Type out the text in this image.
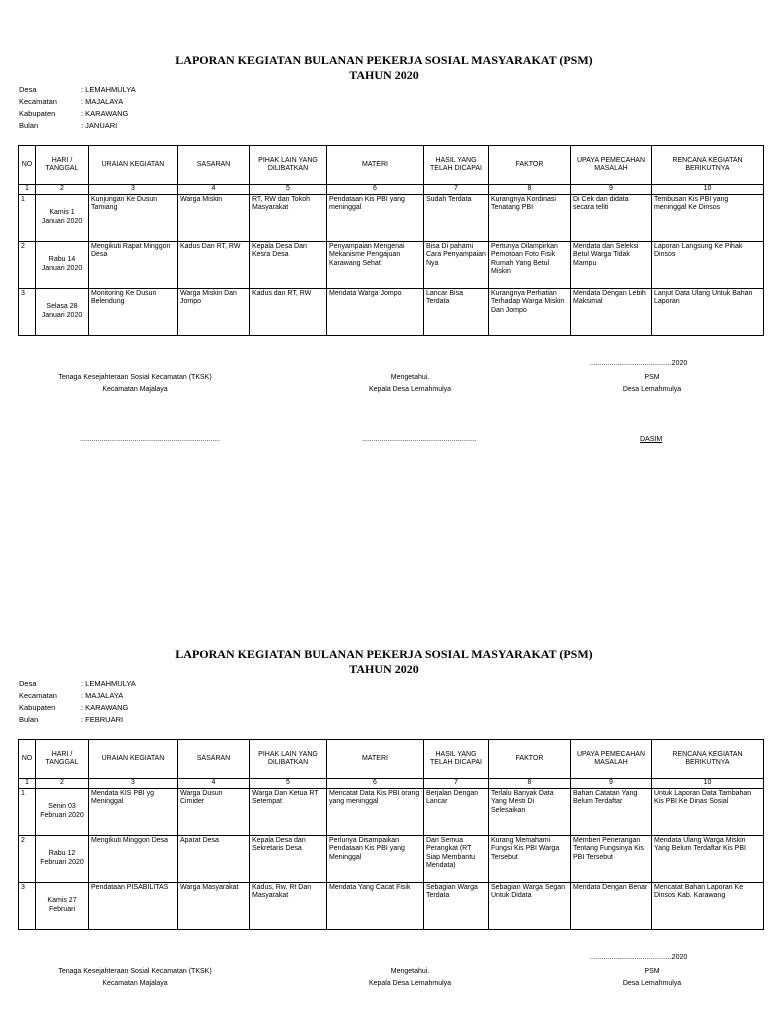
LAPORAN KEGIATAN BULANAN PEKERJA SOSIAL MASYARAKAT (PSM)
TAHUN 2020
Desa	: LEMAHMULYA
Kecamatan	: MAJALAYA
Kabupaten	: KARAWANG
Bulan	: JANUARI
NO	HARI / TANGGAL	URAIAN KEGIATAN	SASARAN	PIHAK LAIN YANG DILIBATKAN	MATERI	HASIL YANG TELAH DICAPAI	FAKTOR	UPAYA PEMECAHAN MASALAH	RENCANA KEGIATAN BERIKUTNYA
1	2	3	4	5	6	7	8	9	10
1	Kamis 1 Januari 2020	Kunjungan Ke Dusun Tamiang	Warga Miskin	RT, RW dan Tokoh Masyarakat	Pendataan Kis PBI yang meninggal	Sudah Terdata	Kurangnya Kordinasi Tenatang PBI	Di Cek dan didata secara teliti	Tembusan Kis PBI yang meninggal Ke Dinsos
2	Rabu 14 Januari 2020	Mengikuti Rapat Minggon Desa	Kadus Dan RT, RW	Kepala Desa Dan Kesra Desa	Penyampaian Mengenai Mekanisme Pengajuan Karawang Sehat	Bisa Di pahami Cara Penyampaian Nya	Pertunya Dilampirkan Pemotoan Foto Fisik Rumah Yang Betul Miskin	Mendata dan Seleksi Betul Warga Tidak Mampu	Laporan Langsung Ke Pihak Dinsos
3	Selasa 28 Januari 2020	Monitoring Ke Dusun Belendung	Warga Miskin Dan Jompo	Kadus dan RT, RW	Mendata Warga Jompo	Lancar Bisa Terdata	Kurangnya Perhatian Terhadap Warga Miskin Dan Jompo	Mendata Dengan Lebih Maksimal	Lanjut Data Ulang Untuk Bahan Laporan
..........................................2020
Tenaga Kesejahteraan Sosial Kecamatan (TKSK)
Kecamatan Majalaya
Mengetahui.
Kepala Desa Lemahmulya
PSM
Desa Lemahmulya
........................................................................	...........................................................	DASIM
LAPORAN KEGIATAN BULANAN PEKERJA SOSIAL MASYARAKAT (PSM)
TAHUN 2020
Desa	: LEMAHMULYA
Kecamatan	: MAJALAYA
Kabupaten	: KARAWANG
Bulan	: FEBRUARI
NO	HARI / TANGGAL	URAIAN KEGIATAN	SASARAN	PIHAK LAIN YANG DILIBATKAN	MATERI	HASIL YANG TELAH DICAPAI	FAKTOR	UPAYA PEMECAHAN MASALAH	RENCANA KEGIATAN BERIKUTNYA
1	2	3	4	5	6	7	8	9	10
1	Senin 03 Februari 2020	Mendata KIS PBI yg Meninggal	Warga Dusun Cimider	Warga Dan Ketua RT Setempat	Mencatat Data Kis PBI orang yang meninggal	Berjalan Dengan Lancar	Terlalu Banyak Data Yang Mesti Di Selesaikan	Bahan Catatan Yang Belum Terdaftar	Untuk Laporan Data Tambahan Kis PBI Ke Dinas Sosial
2	Rabu 12 Februari 2020	Mengikuti Minggon Desa	Aparat Desa	Kepala Desa dan Sekretaris Desa	Perlunya Disampaikan Pendataan Kis PBI yang Meninggal	Dari Semua Perangkat (RT Siap Membantu Mendata)	Kurang Memahami Fungsi Kis PBI Warga Tersebut	Memberi Penerangan Tentang Fungsinya Kis PBI Tersebut	Mendata Ulang Warga Miskin Yang Belum Terdaftar Kis PBI
3	Kamis 27 Februari	Pendataan PISABILITAS	Warga Masyarakat	Kadus, Rw, Rt Dan Masyarakat	Mendata Yang Cacat Fisik	Sebagian Warga Terdata	Sebagian Warga Segan Untuk Didata	Mendata Dengan Benar	Mencatat Bahan Laporan Ke Dinsos Kab. Karawang
..........................................2020
Tenaga Kesejahteraan Sosial Kecamatan (TKSK)
Kecamatan Majalaya
Mengetahui.
Kepala Desa Lemahmulya
PSM
Desa Lemahmulya
